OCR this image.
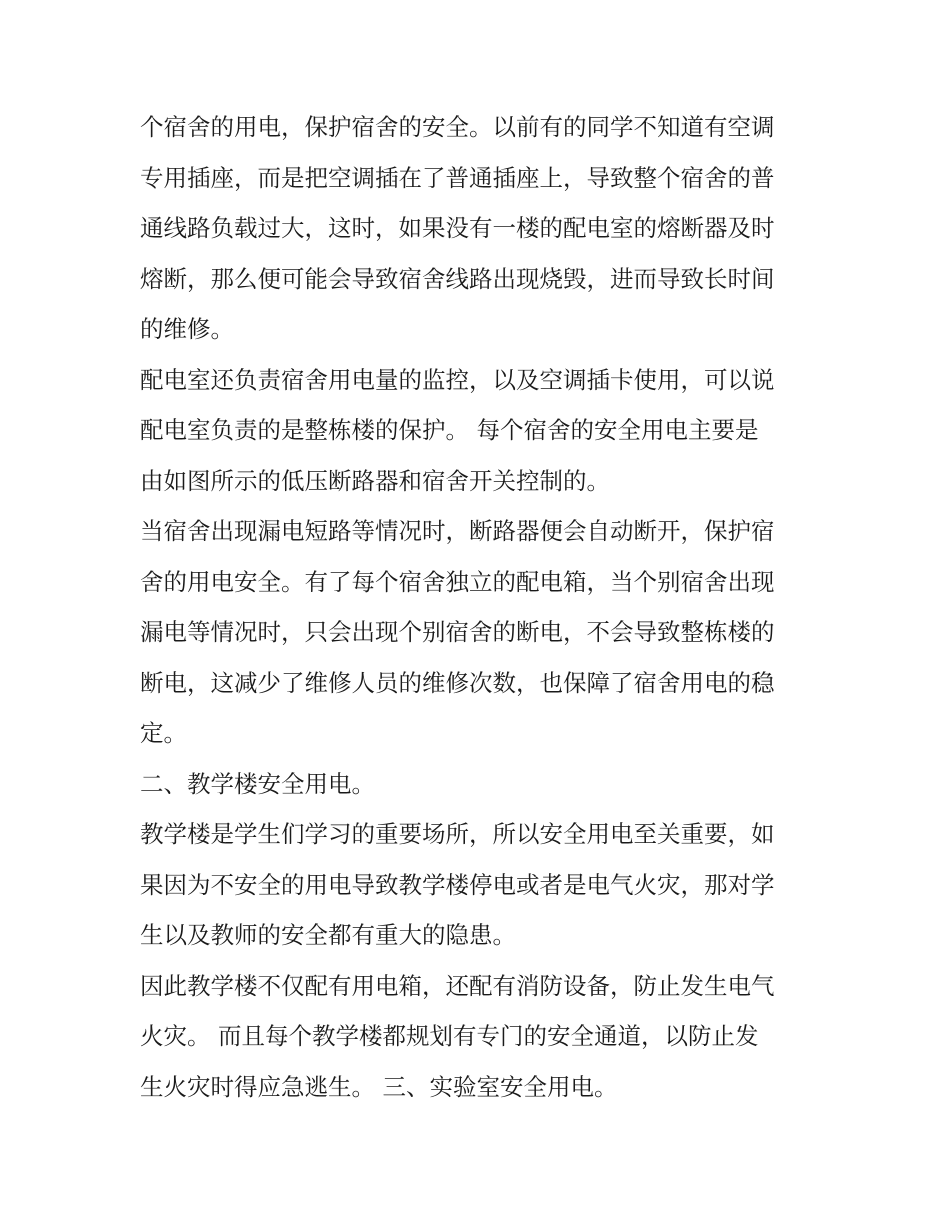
个宿舍的用电，保护宿舍的安全。以前有的同学不知道有空调
专用插座，而是把空调插在了普通插座上，导致整个宿舍的普
通线路负载过大，这时，如果没有一楼的配电室的熔断器及时
熔断，那么便可能会导致宿舍线路出现烧毁，进而导致长时间
的维修。
配电室还负责宿舍用电量的监控，以及空调插卡使用，可以说
配电室负责的是整栋楼的保护。 每个宿舍的安全用电主要是
由如图所示的低压断路器和宿舍开关控制的。
当宿舍出现漏电短路等情况时，断路器便会自动断开，保护宿
舍的用电安全。有了每个宿舍独立的配电箱，当个别宿舍出现
漏电等情况时，只会出现个别宿舍的断电，不会导致整栋楼的
断电，这减少了维修人员的维修次数，也保障了宿舍用电的稳
定。
二、教学楼安全用电。
教学楼是学生们学习的重要场所，所以安全用电至关重要，如
果因为不安全的用电导致教学楼停电或者是电气火灾，那对学
生以及教师的安全都有重大的隐患。
因此教学楼不仅配有用电箱，还配有消防设备，防止发生电气
火灾。 而且每个教学楼都规划有专门的安全通道，以防止发
生火灾时得应急逃生。 三、实验室安全用电。
